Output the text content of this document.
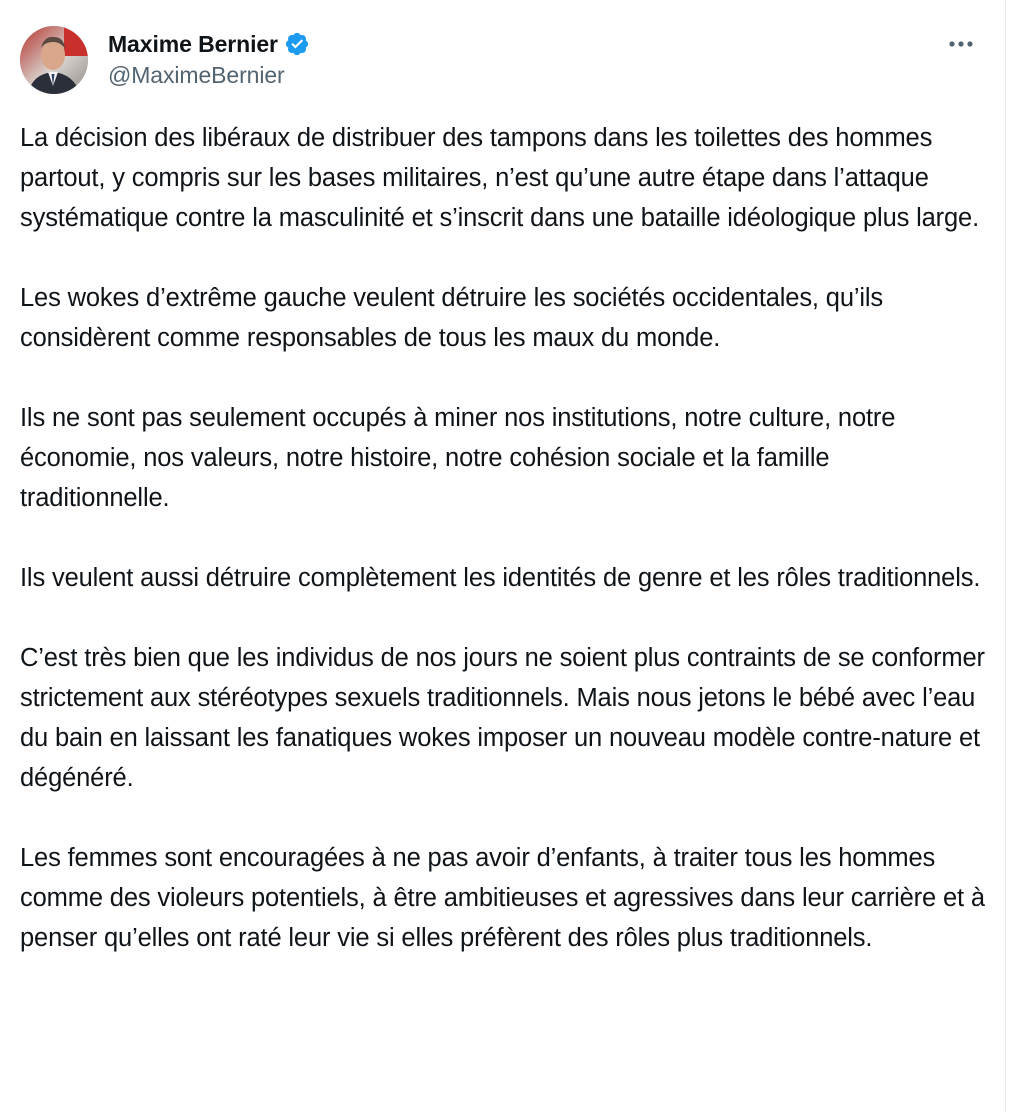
Maxime Bernier
@MaximeBernier

La décision des libéraux de distribuer des tampons dans les toilettes des hommes partout, y compris sur les bases militaires, n’est qu’une autre étape dans l’attaque systématique contre la masculinité et s’inscrit dans une bataille idéologique plus large.

Les wokes d’extrême gauche veulent détruire les sociétés occidentales, qu’ils considèrent comme responsables de tous les maux du monde.

Ils ne sont pas seulement occupés à miner nos institutions, notre culture, notre économie, nos valeurs, notre histoire, notre cohésion sociale et la famille traditionnelle.

Ils veulent aussi détruire complètement les identités de genre et les rôles traditionnels.

C’est très bien que les individus de nos jours ne soient plus contraints de se conformer strictement aux stéréotypes sexuels traditionnels. Mais nous jetons le bébé avec l’eau du bain en laissant les fanatiques wokes imposer un nouveau modèle contre-nature et dégénéré.

Les femmes sont encouragées à ne pas avoir d’enfants, à traiter tous les hommes comme des violeurs potentiels, à être ambitieuses et agressives dans leur carrière et à penser qu’elles ont raté leur vie si elles préfèrent des rôles plus traditionnels.
